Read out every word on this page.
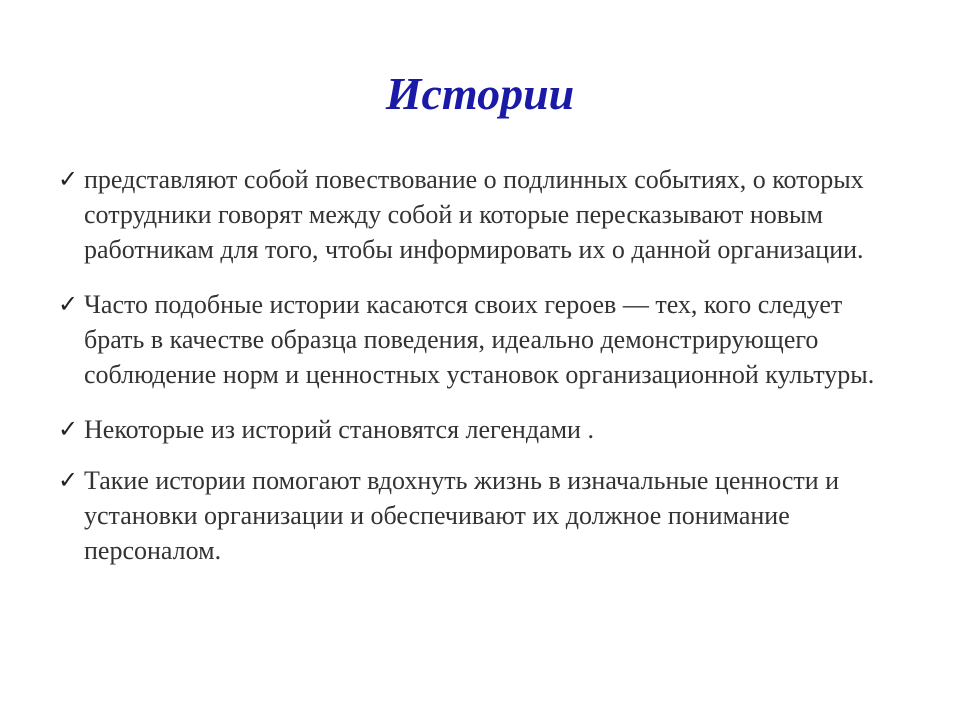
Истории
✓ представляют собой повествование о подлинных событиях, о которых сотрудники говорят между собой и которые пересказывают новым работникам для того, чтобы информировать их о данной организации.
✓ Часто подобные истории касаются своих героев — тех, кого следует брать в качестве образца поведения, идеально демонстрирующего соблюдение норм и ценностных установок организационной культуры.
✓ Некоторые из историй становятся легендами .
✓ Такие истории помогают вдохнуть жизнь в изначальные ценности и установки организации и обеспечивают их должное понимание персоналом.
